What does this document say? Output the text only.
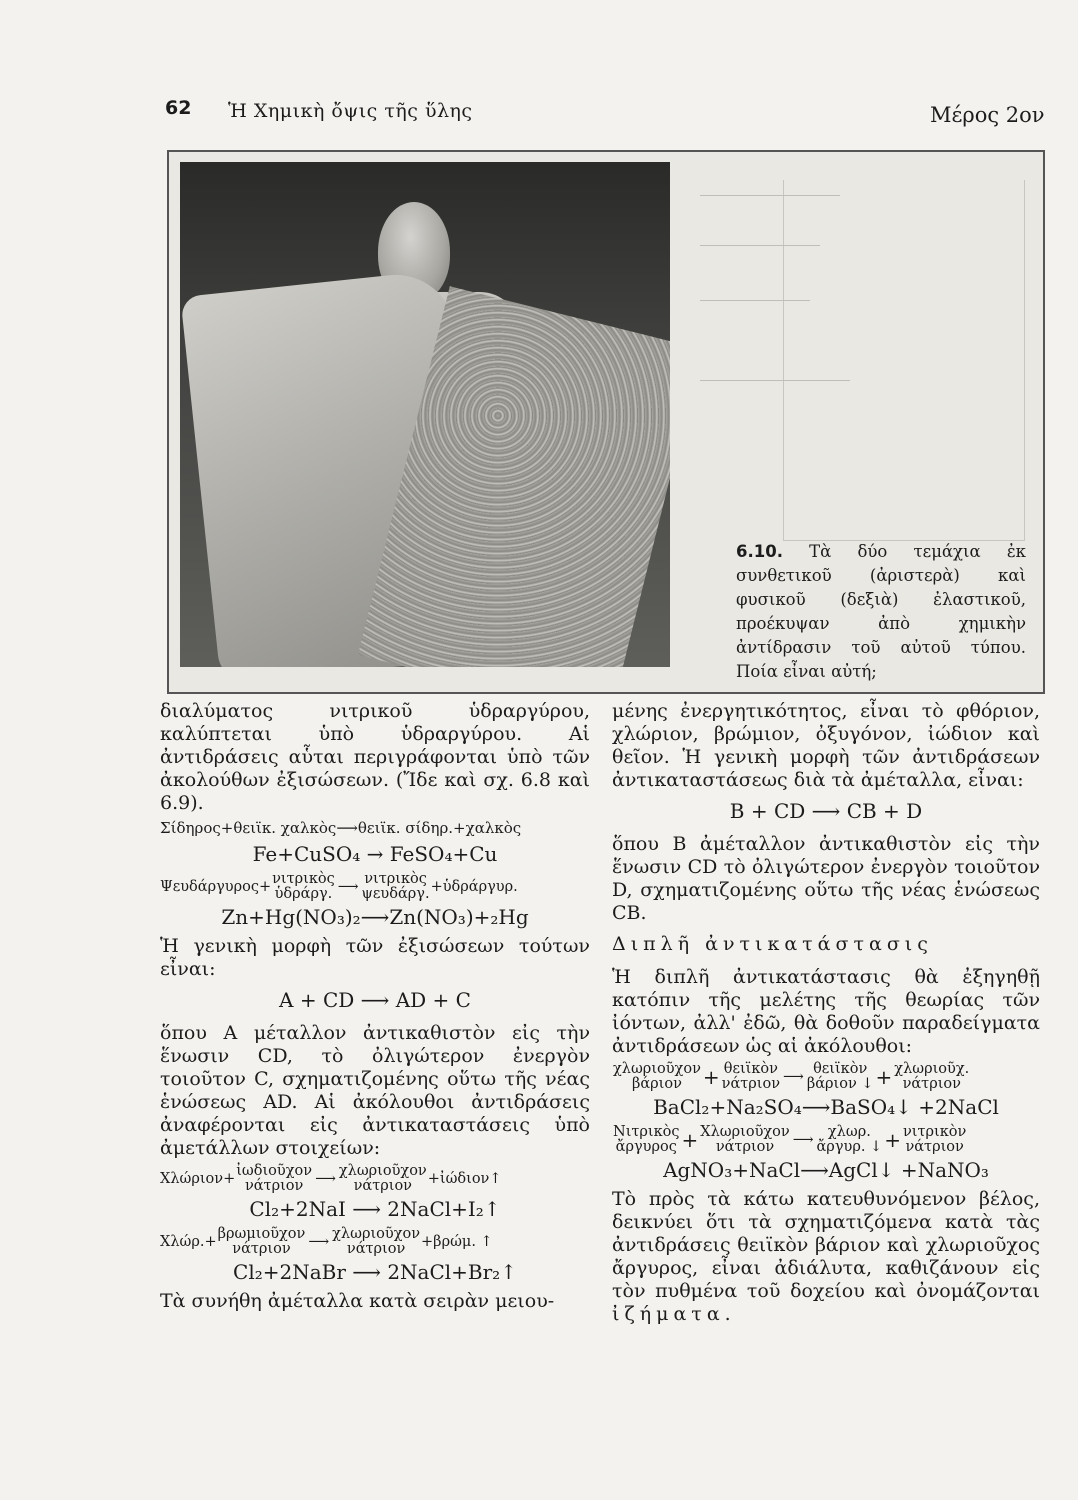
62 Ἡ Χημικὴ ὄψις τῆς ὕλης	Μέρος 2ον
6.10. Τὰ δύο τεμάχια ἐκ συνθετικοῦ (ἀριστερὰ) καὶ φυσικοῦ (δεξιὰ) ἐλαστικοῦ, προέκυψαν ἀπὸ χημικὴν ἀντίδρασιν τοῦ αὐτοῦ τύπου. Ποία εἶναι αὐτή;

διαλύματος νιτρικοῦ ὑδραργύρου, καλύπτεται ὑπὸ ὑδραργύρου. Αἱ ἀντιδράσεις αὗται περιγράφονται ὑπὸ τῶν ἀκολούθων ἐξισώσεων. (Ἴδε καὶ σχ. 6.8 καὶ 6.9).

Σίδηρος+θειϊκ. χαλκὸς⟶θειϊκ. σίδηρ.+χαλκὸς
Fe+CuSO₄ → FeSO₄+Cu
Ψευδάργυρος+ νιτρικὸς
ὑδράργ. ⟶ νιτρικὸς
ψευδάργ. +ὑδράργυρ.
Zn+Hg(NO₃)₂⟶Zn(NO₃)+₂Hg

Ἡ γενικὴ μορφὴ τῶν ἐξισώσεων τούτων εἶναι:

A + CD ⟶ AD + C

ὅπου A μέταλλον ἀντικαθιστὸν εἰς τὴν ἕνωσιν CD, τὸ ὀλιγώτερον ἐνεργὸν τοιοῦτον C, σχηματιζομένης οὕτω τῆς νέας ἑνώσεως AD. Αἱ ἀκόλουθοι ἀντιδράσεις ἀναφέρονται εἰς ἀντικαταστάσεις ὑπὸ ἀμετάλλων στοιχείων:

Χλώριον+ ἰωδιοῦχον
νάτριον ⟶ χλωριοῦχον
νάτριον	+ἰώδιον↑
Cl₂+2NaI ⟶ 2NaCl+I₂↑
Χλώρ.+ βρωμιοῦχον
νάτριον	⟶ χλωριοῦχον
νάτριον	+βρώμ. ↑
Cl₂+2NaBr ⟶ 2NaCl+Br₂↑

Τὰ συνήθη ἀμέταλλα κατὰ σειρὰν μειου-

μένης ἐνεργητικότητος, εἶναι τὸ φθόριον, χλώριον, βρώμιον, ὀξυγόνον, ἰώδιον καὶ θεῖον. Ἡ γενικὴ μορφὴ τῶν ἀντιδράσεων ἀντικαταστάσεως διὰ τὰ ἀμέταλλα, εἶναι:

B + CD ⟶ CB + D

ὅπου B ἀμέταλλον ἀντικαθιστὸν εἰς τὴν ἕνωσιν CD τὸ ὀλιγώτερον ἐνεργὸν τοιοῦτον D, σχηματιζομένης οὕτω τῆς νέας ἑνώσεως CB.

Διπλῆ ἀντικατάστασις

Ἡ διπλῆ ἀντικατάστασις θὰ ἐξηγηθῇ κατόπιν τῆς μελέτης τῆς θεωρίας τῶν ἰόντων, ἀλλ' ἐδῶ, θὰ δοθοῦν παραδείγματα ἀντιδράσεων ὡς αἱ ἀκόλουθοι:

χλωριοῦχον
βάριον	+ θειϊκὸν
νάτριον ⟶ θειϊκὸν
βάριον ↓ + χλωριοῦχ.
νάτριον
BaCl₂+Na₂SO₄⟶BaSO₄↓ +2NaCl
Νιτρικὸς
ἄργυρος + Χλωριοῦχον
νάτριον	⟶ χλωρ.
ἄργυρ. ↓ + νιτρικὸν
νάτριον
AgNO₃+NaCl⟶AgCl↓ +NaNO₃

Τὸ πρὸς τὰ κάτω κατευθυνόμενον βέλος, δεικνύει ὅτι τὰ σχηματιζόμενα κατὰ τὰς ἀντιδράσεις θειϊκὸν βάριον καὶ χλωριοῦχος ἄργυρος, εἶναι ἀδιάλυτα, καθιζάνουν εἰς τὸν πυθμένα τοῦ δοχείου καὶ ὀνομάζονται ἰζήματα.
